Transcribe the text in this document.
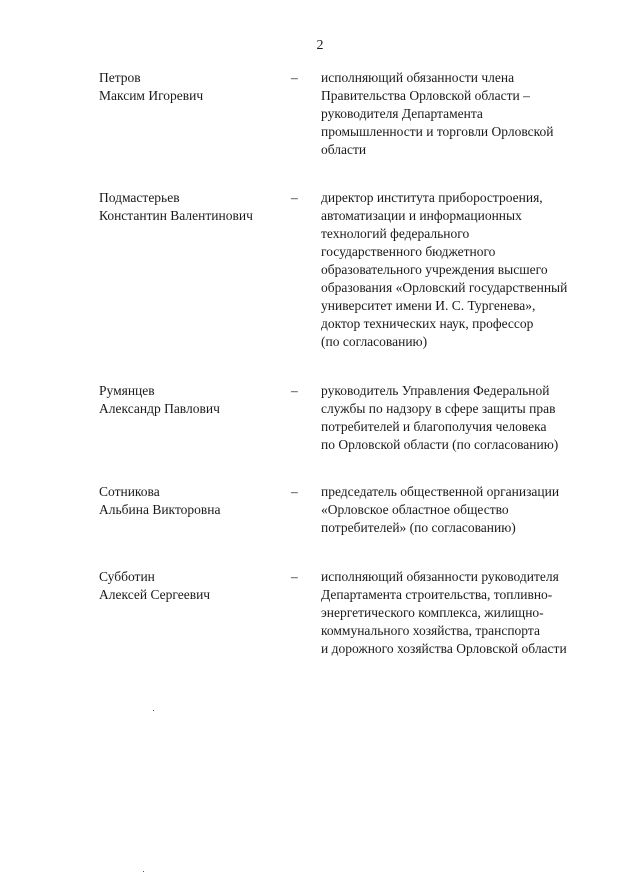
2
Петров
Максим Игоревич
– исполняющий обязанности члена
Правительства Орловской области –
руководителя Департамента
промышленности и торговли Орловской
области
Подмастерьев
Константин Валентинович
– директор института приборостроения,
автоматизации и информационных
технологий федерального
государственного бюджетного
образовательного учреждения высшего
образования «Орловский государственный
университет имени И. С. Тургенева»,
доктор технических наук, профессор
(по согласованию)
Румянцев
Александр Павлович
– руководитель Управления Федеральной
службы по надзору в сфере защиты прав
потребителей и благополучия человека
по Орловской области (по согласованию)
Сотникова
Альбина Викторовна
– председатель общественной организации
«Орловское областное общество
потребителей» (по согласованию)
Субботин
Алексей Сергеевич
– исполняющий обязанности руководителя
Департамента строительства, топливно-
энергетического комплекса, жилищно-
коммунального хозяйства, транспорта
и дорожного хозяйства Орловской области
